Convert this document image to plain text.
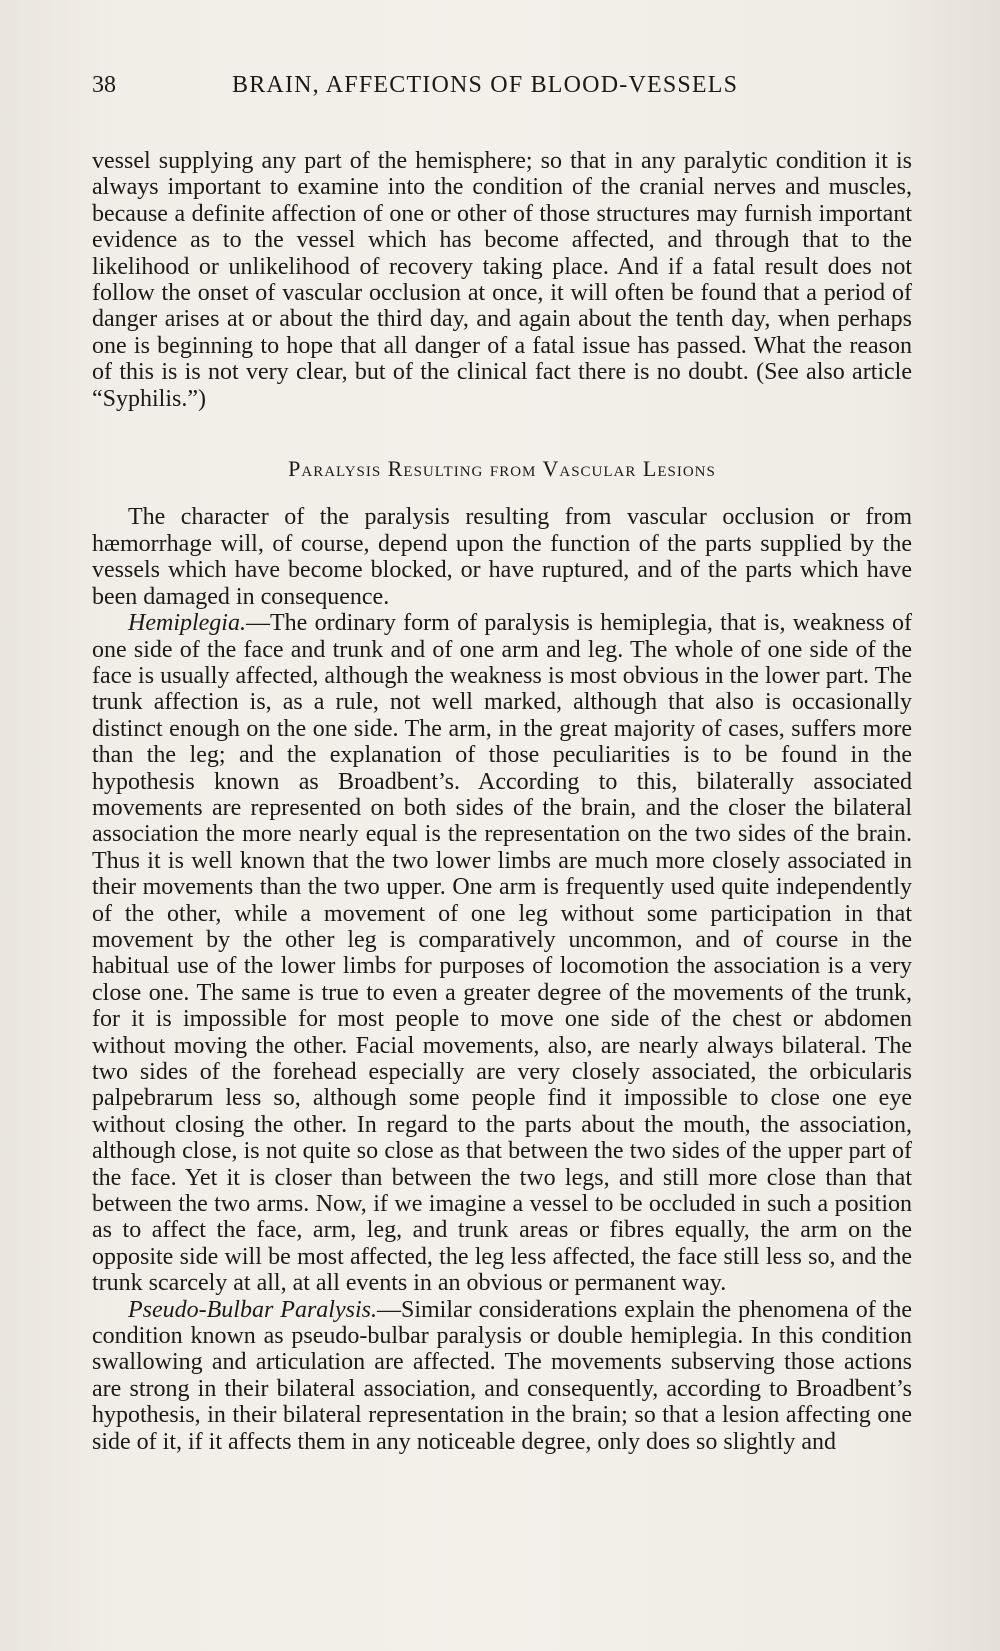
38	BRAIN, AFFECTIONS OF BLOOD-VESSELS

vessel supplying any part of the hemisphere; so that in any paralytic condition it is always important to examine into the condition of the cranial nerves and muscles, because a definite affection of one or other of those structures may furnish important evidence as to the vessel which has become affected, and through that to the likelihood or unlikelihood of recovery taking place. And if a fatal result does not follow the onset of vascular occlusion at once, it will often be found that a period of danger arises at or about the third day, and again about the tenth day, when perhaps one is beginning to hope that all danger of a fatal issue has passed. What the reason of this is is not very clear, but of the clinical fact there is no doubt. (See also article “Syphilis.”)

Paralysis Resulting from Vascular Lesions

The character of the paralysis resulting from vascular occlusion or from hæmorrhage will, of course, depend upon the function of the parts supplied by the vessels which have become blocked, or have ruptured, and of the parts which have been damaged in consequence.

Hemiplegia.—The ordinary form of paralysis is hemiplegia, that is, weakness of one side of the face and trunk and of one arm and leg. The whole of one side of the face is usually affected, although the weakness is most obvious in the lower part. The trunk affection is, as a rule, not well marked, although that also is occasionally distinct enough on the one side. The arm, in the great majority of cases, suffers more than the leg; and the explanation of those peculiarities is to be found in the hypothesis known as Broadbent’s. According to this, bilaterally associated movements are represented on both sides of the brain, and the closer the bilateral association the more nearly equal is the representation on the two sides of the brain. Thus it is well known that the two lower limbs are much more closely associated in their movements than the two upper. One arm is frequently used quite independently of the other, while a movement of one leg without some participation in that movement by the other leg is comparatively uncommon, and of course in the habitual use of the lower limbs for purposes of locomotion the association is a very close one. The same is true to even a greater degree of the movements of the trunk, for it is impossible for most people to move one side of the chest or abdomen without moving the other. Facial movements, also, are nearly always bilateral. The two sides of the forehead especially are very closely associated, the orbicularis palpebrarum less so, although some people find it impossible to close one eye without closing the other. In regard to the parts about the mouth, the association, although close, is not quite so close as that between the two sides of the upper part of the face. Yet it is closer than between the two legs, and still more close than that between the two arms. Now, if we imagine a vessel to be occluded in such a position as to affect the face, arm, leg, and trunk areas or fibres equally, the arm on the opposite side will be most affected, the leg less affected, the face still less so, and the trunk scarcely at all, at all events in an obvious or permanent way.

Pseudo-Bulbar Paralysis.—Similar considerations explain the phenomena of the condition known as pseudo-bulbar paralysis or double hemiplegia. In this condition swallowing and articulation are affected. The movements subserving those actions are strong in their bilateral association, and consequently, according to Broadbent’s hypothesis, in their bilateral representation in the brain; so that a lesion affecting one side of it, if it affects them in any noticeable degree, only does so slightly and
